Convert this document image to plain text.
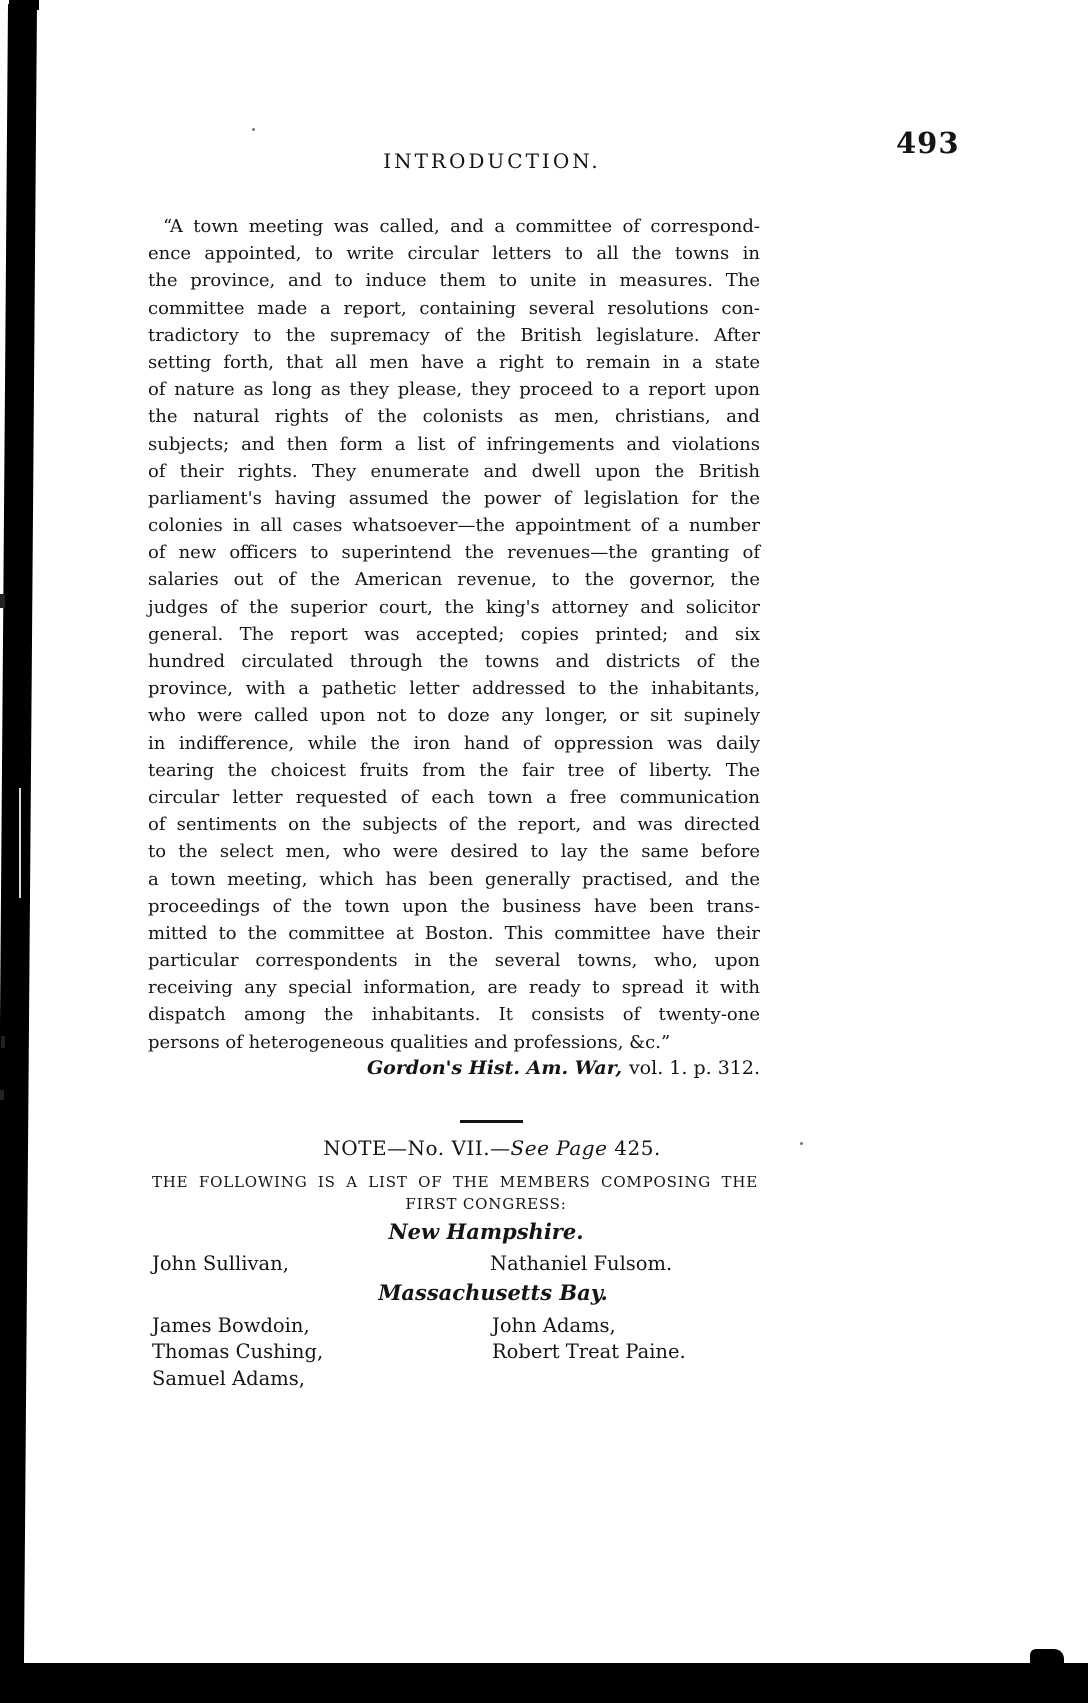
INTRODUCTION.
493
“A town meeting was called, and a committee of correspond-
ence appointed, to write circular letters to all the towns in
the province, and to induce them to unite in measures. The
committee made a report, containing several resolutions con-
tradictory to the supremacy of the British legislature. After
setting forth, that all men have a right to remain in a state
of nature as long as they please, they proceed to a report upon
the natural rights of the colonists as men, christians, and
subjects; and then form a list of infringements and violations
of their rights. They enumerate and dwell upon the British
parliament's having assumed the power of legislation for the
colonies in all cases whatsoever—the appointment of a number
of new officers to superintend the revenues—the granting of
salaries out of the American revenue, to the governor, the
judges of the superior court, the king's attorney and solicitor
general. The report was accepted; copies printed; and six
hundred circulated through the towns and districts of the
province, with a pathetic letter addressed to the inhabitants,
who were called upon not to doze any longer, or sit supinely
in indifference, while the iron hand of oppression was daily
tearing the choicest fruits from the fair tree of liberty. The
circular letter requested of each town a free communication
of sentiments on the subjects of the report, and was directed
to the select men, who were desired to lay the same before
a town meeting, which has been generally practised, and the
proceedings of the town upon the business have been trans-
mitted to the committee at Boston. This committee have their
particular correspondents in the several towns, who, upon
receiving any special information, are ready to spread it with
dispatch among the inhabitants. It consists of twenty-one
persons of heterogeneous qualities and professions, &c.”
Gordon's Hist. Am. War, vol. 1. p. 312.
NOTE—No. VII.—See Page 425.
THE FOLLOWING IS A LIST OF THE MEMBERS COMPOSING THE
FIRST CONGRESS:
New Hampshire.
John Sullivan,	Nathaniel Fulsom.
Massachusetts Bay.
James Bowdoin,	John Adams,
Thomas Cushing,	Robert Treat Paine.
Samuel Adams,
